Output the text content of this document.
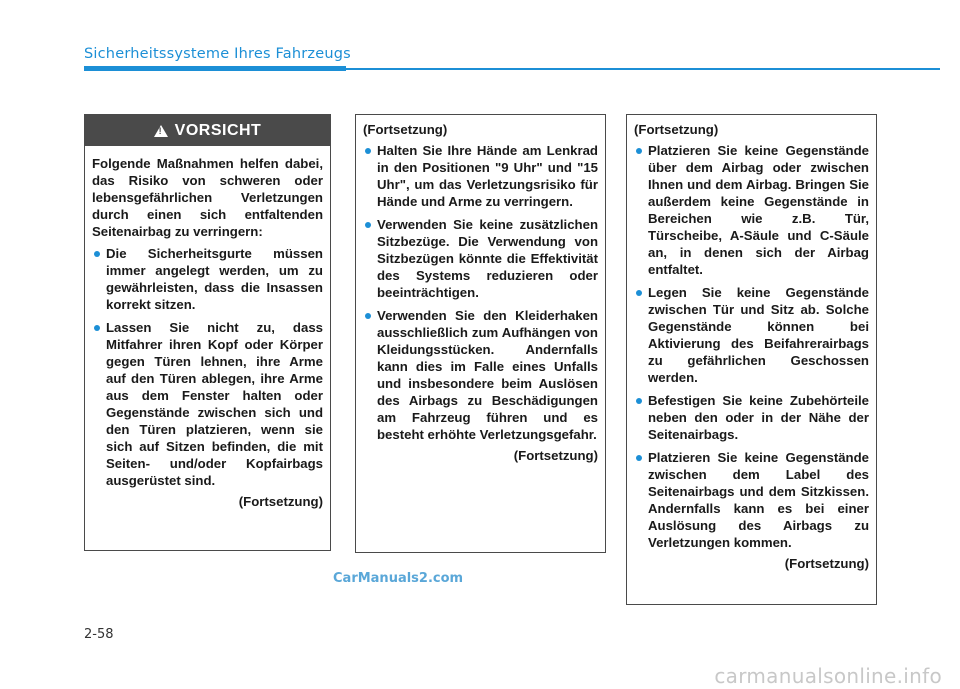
Sicherheitssysteme Ihres Fahrzeugs
!
VORSICHT

Folgende Maßnahmen helfen dabei, das Risiko von schweren oder lebensgefährlichen Verletzungen durch einen sich entfaltenden Seitenairbag zu verringern:

Die Sicherheitsgurte müssen immer angelegt werden, um zu gewährleisten, dass die Insassen korrekt sitzen.
Lassen Sie nicht zu, dass Mitfahrer ihren Kopf oder Körper gegen Türen lehnen, ihre Arme auf den Türen ablegen, ihre Arme aus dem Fenster halten oder Gegenstände zwischen sich und den Türen platzieren, wenn sie sich auf Sitzen befinden, die mit Seiten- und/oder Kopfairbags ausgerüstet sind.
(Fortsetzung)
(Fortsetzung)
Halten Sie Ihre Hände am Lenkrad in den Positionen "9 Uhr" und "15 Uhr", um das Verletzungsrisiko für Hände und Arme zu verringern.
Verwenden Sie keine zusätzlichen Sitzbezüge. Die Verwendung von Sitzbezügen könnte die Effektivität des Systems reduzieren oder beeinträchtigen.
Verwenden Sie den Kleiderhaken ausschließlich zum Aufhängen von Kleidungsstücken. Andernfalls kann dies im Falle eines Unfalls und insbesondere beim Auslösen des Airbags zu Beschädigungen am Fahrzeug führen und es besteht erhöhte Verletzungsgefahr.
(Fortsetzung)
(Fortsetzung)
Platzieren Sie keine Gegenstände über dem Airbag oder zwischen Ihnen und dem Airbag. Bringen Sie außerdem keine Gegenstände in Bereichen wie z.B. Tür, Türscheibe, A-Säule und C-Säule an, in denen sich der Airbag entfaltet.
Legen Sie keine Gegenstände zwischen Tür und Sitz ab. Solche Gegenstände können bei Aktivierung des Beifahrerairbags zu gefährlichen Geschossen werden.
Befestigen Sie keine Zubehörteile neben den oder in der Nähe der Seitenairbags.
Platzieren Sie keine Gegenstände zwischen dem Label des Seitenairbags und dem Sitzkissen. Andernfalls kann es bei einer Auslösung des Airbags zu Verletzungen kommen.
(Fortsetzung)
CarManuals2.com
2-58
carmanualsonline.info
